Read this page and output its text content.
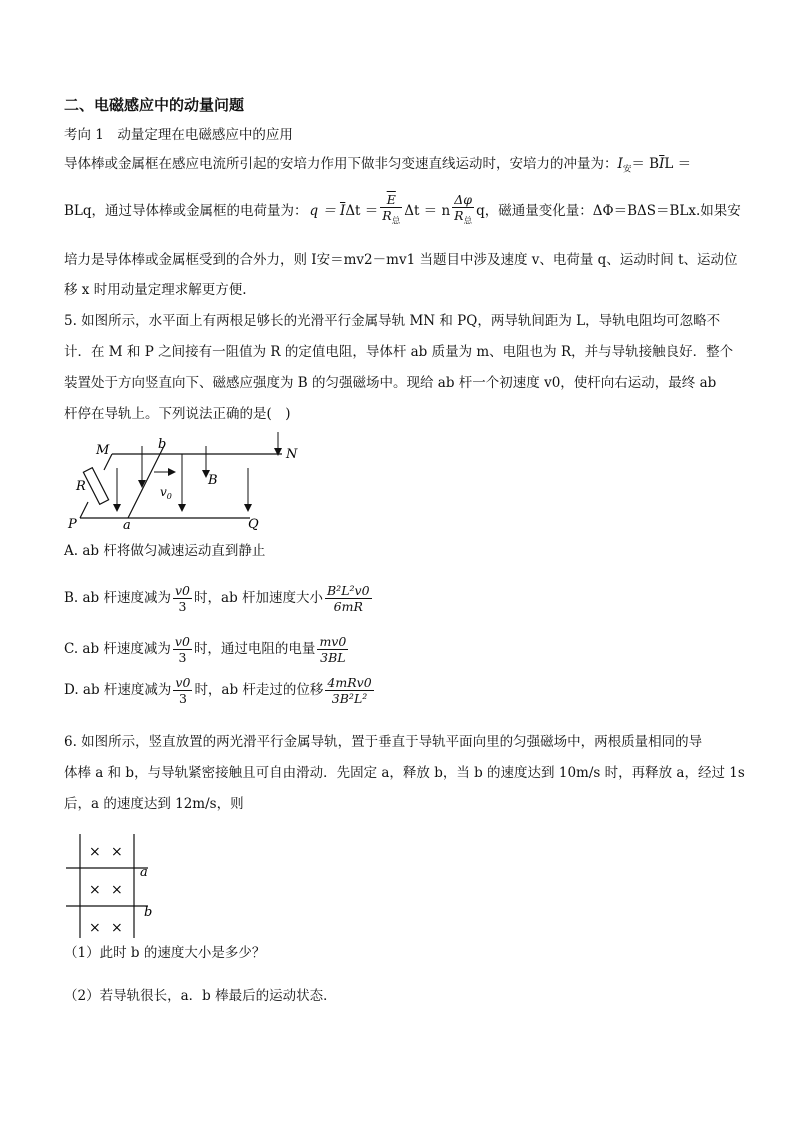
二、电磁感应中的动量问题
考向 1　动量定理在电磁感应中的应用
导体棒或金属框在感应电流所引起的安培力作用下做非匀变速直线运动时，安培力的冲量为：$I_安= B\overline{I}L$ ＝
BLq，通过导体棒或金属框的电荷量为： $q = \overline{I}$ $\Delta t = \frac{\overline{E}}{R_总}$ Δt ＝ n $\frac{\Delta\varphi}{R_总}$ q，磁通量变化量：ΔΦ＝BΔS＝BLx.如果安
培力是导体棒或金属框受到的合外力，则 I安＝mv2－mv1 当题目中涉及速度 v、电荷量 q、运动时间 t、运动位
移 x 时用动量定理求解更方便.
5. 如图所示，水平面上有两根足够长的光滑平行金属导轨 MN 和 PQ，两导轨间距为 L，导轨电阻均可忽略不
计．在 M 和 P 之间接有一阻值为 R 的定值电阻，导体杆 ab 质量为 m、电阻也为 R，并与导轨接触良好．整个
装置处于方向竖直向下、磁感应强度为 B 的匀强磁场中。现给 ab 杆一个初速度 v0，使杆向右运动，最终 ab
杆停在导轨上。下列说法正确的是(　)
M	N
P	Q
R
b
a
B
$v_0$
A. ab 杆将做匀减速运动直到静止
B. ab 杆速度减为 $\frac{v0}{3}$ 时，ab 杆加速度大小 $\frac{\text{B²L²v0}}{6mR}$
C. ab 杆速度减为 $\frac{v0}{3}$ 时，通过电阻的电量 $\frac{mv0}{3BL}$
D. ab 杆速度减为 $\frac{v0}{3}$ 时，ab 杆走过的位移 $\frac{\text{4mRv0}}{\text{3B²L²}}$
6. 如图所示，竖直放置的两光滑平行金属导轨，置于垂直于导轨平面向里的匀强磁场中，两根质量相同的导
体棒 a 和 b，与导轨紧密接触且可自由滑动．先固定 a，释放 b，当 b 的速度达到 10m/s 时，再释放 a，经过 1s
后，a 的速度达到 12m/s，则
× ×
× ×
× ×
a
b
（1）此时 b 的速度大小是多少？
（2）若导轨很长，a．b 棒最后的运动状态．
